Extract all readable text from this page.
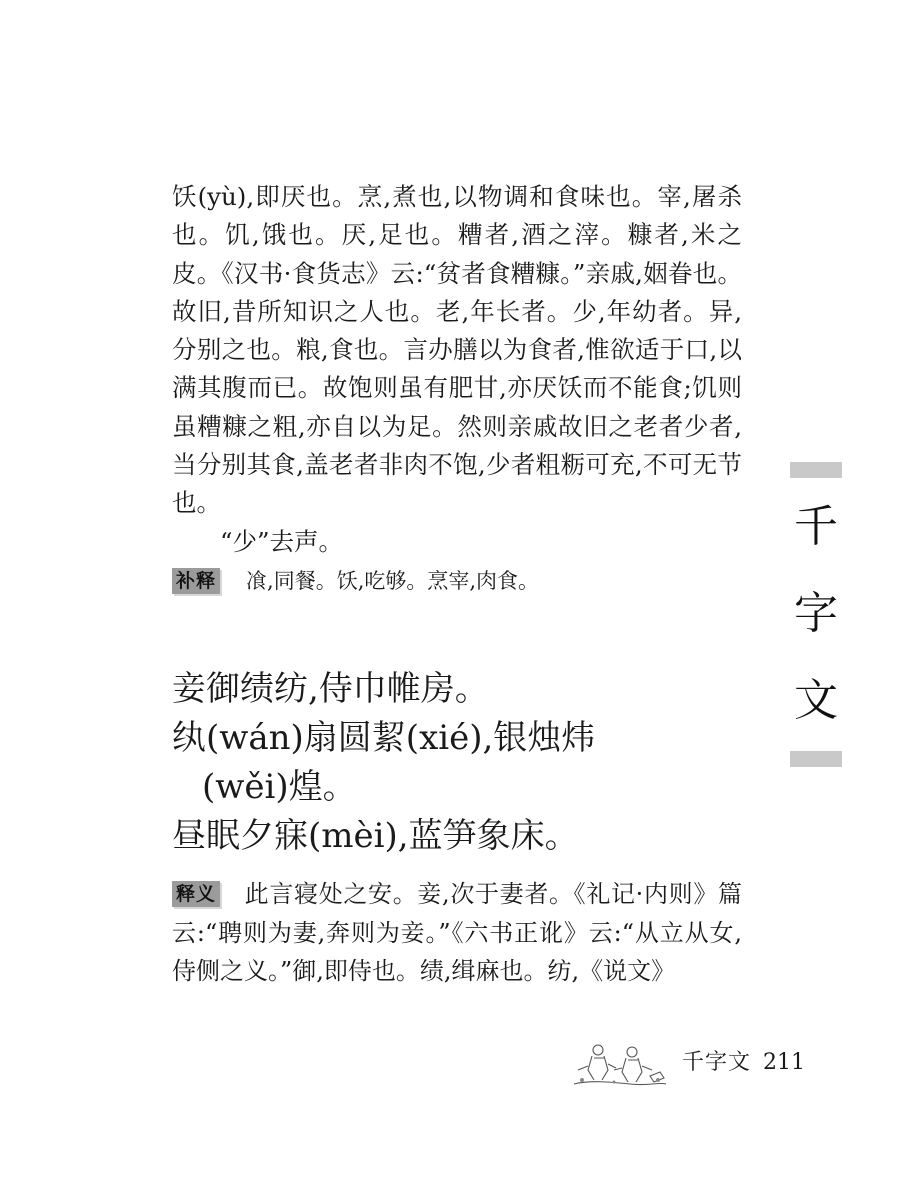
饫(yù),即厌也。烹,煮也,以物调和食味也。宰,屠杀也。饥,饿也。厌,足也。糟者,酒之滓。糠者,米之皮。《汉书·食货志》云:“贫者食糟糠。”亲戚,姻眷也。故旧,昔所知识之人也。老,年长者。少,年幼者。异,分别之也。粮,食也。言办膳以为食者,惟欲适于口,以满其腹而已。故饱则虽有肥甘,亦厌饫而不能食;饥则虽糟糠之粗,亦自以为足。然则亲戚故旧之老者少者,当分别其食,盖老者非肉不饱,少者粗粝可充,不可无节也。

“少”去声。

补释 飡,同餐。饫,吃够。烹宰,肉食。

妾御绩纺,侍巾帷房。

纨(wán)扇圆絜(xié),银烛炜

(wěi)煌。

昼眠夕寐(mèi),蓝笋象床。

释义 此言寝处之安。妾,次于妻者。《礼记·内则》篇云:“聘则为妻,奔则为妾。”《六书正讹》云:“从立从女,侍侧之义。”御,即侍也。绩,缉麻也。纺,《说文》

千
字
文
千字文 211
